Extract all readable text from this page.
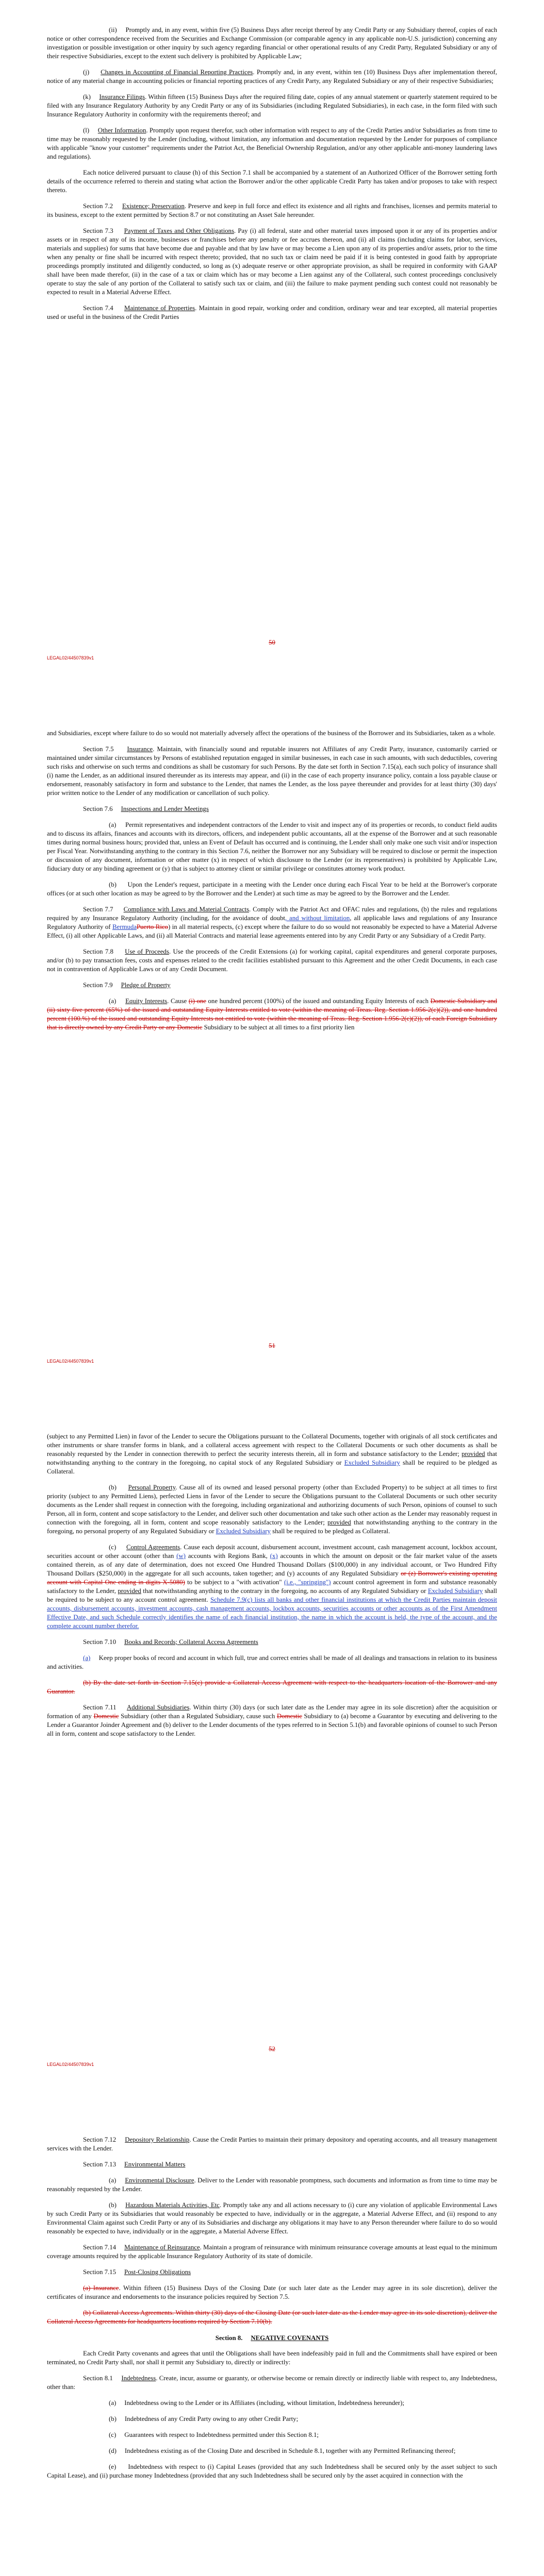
(ii)     Promptly and, in any event, within five (5) Business Days after receipt thereof by any Credit Party or any Subsidiary thereof, copies of each notice or other correspondence received from the Securities and Exchange Commission (or comparable agency in any applicable non-U.S. jurisdiction) concerning any investigation or possible investigation or other inquiry by such agency regarding financial or other operational results of any Credit Party, Regulated Subsidiary or any of their respective Subsidiaries, except to the extent such delivery is prohibited by Applicable Law;

(j) Changes in Accounting of Financial Reporting Practices. Promptly and, in any event, within ten (10) Business Days after implementation thereof, notice of any material change in accounting policies or financial reporting practices of any Credit Party, any Regulated Subsidiary or any of their respective Subsidiaries;

(k) Insurance Filings. Within fifteen (15) Business Days after the required filing date, copies of any annual statement or quarterly statement required to be filed with any Insurance Regulatory Authority by any Credit Party or any of its Subsidiaries (including Regulated Subsidiaries), in each case, in the form filed with such Insurance Regulatory Authority in conformity with the requirements thereof; and

(l) Other Information. Promptly upon request therefor, such other information with respect to any of the Credit Parties and/or Subsidiaries as from time to time may be reasonably requested by the Lender (including, without limitation, any information and documentation requested by the Lender for purposes of compliance with applicable "know your customer" requirements under the Patriot Act, the Beneficial Ownership Regulation, and/or any other applicable anti-money laundering laws and regulations).

Each notice delivered pursuant to clause (h) of this Section 7.1 shall be accompanied by a statement of an Authorized Officer of the Borrower setting forth details of the occurrence referred to therein and stating what action the Borrower and/or the other applicable Credit Party has taken and/or proposes to take with respect thereto.

Section 7.2 Existence; Preservation. Preserve and keep in full force and effect its existence and all rights and franchises, licenses and permits material to its business, except to the extent permitted by Section 8.7 or not constituting an Asset Sale hereunder.

Section 7.3 Payment of Taxes and Other Obligations. Pay (i) all federal, state and other material taxes imposed upon it or any of its properties and/or assets or in respect of any of its income, businesses or franchises before any penalty or fee accrues thereon, and (ii) all claims (including claims for labor, services, materials and supplies) for sums that have become due and payable and that by law have or may become a Lien upon any of its properties and/or assets, prior to the time when any penalty or fine shall be incurred with respect thereto; provided, that no such tax or claim need be paid if it is being contested in good faith by appropriate proceedings promptly instituted and diligently conducted, so long as (x) adequate reserve or other appropriate provision, as shall be required in conformity with GAAP shall have been made therefor, (ii) in the case of a tax or claim which has or may become a Lien against any of the Collateral, such contest proceedings conclusively operate to stay the sale of any portion of the Collateral to satisfy such tax or claim, and (iii) the failure to make payment pending such contest could not reasonably be expected to result in a Material Adverse Effect.

Section 7.4 Maintenance of Properties. Maintain in good repair, working order and condition, ordinary wear and tear excepted, all material properties used or useful in the business of the Credit Parties

50
LEGAL02/44507839v1

and Subsidiaries, except where failure to do so would not materially adversely affect the operations of the business of the Borrower and its Subsidiaries, taken as a whole.

Section 7.5 Insurance. Maintain, with financially sound and reputable insurers not Affiliates of any Credit Party, insurance, customarily carried or maintained under similar circumstances by Persons of established reputation engaged in similar businesses, in each case in such amounts, with such deductibles, covering such risks and otherwise on such terms and conditions as shall be customary for such Persons. By the date set forth in Section 7.15(a), each such policy of insurance shall (i) name the Lender, as an additional insured thereunder as its interests may appear, and (ii) in the case of each property insurance policy, contain a loss payable clause or endorsement, reasonably satisfactory in form and substance to the Lender, that names the Lender, as the loss payee thereunder and provides for at least thirty (30) days' prior written notice to the Lender of any modification or cancellation of such policy.

Section 7.6 Inspections and Lender Meetings

(a)     Permit representatives and independent contractors of the Lender to visit and inspect any of its properties or records, to conduct field audits and to discuss its affairs, finances and accounts with its directors, officers, and independent public accountants, all at the expense of the Borrower and at such reasonable times during normal business hours; provided that, unless an Event of Default has occurred and is continuing, the Lender shall only make one such visit and/or inspection per Fiscal Year. Notwithstanding anything to the contrary in this Section 7.6, neither the Borrower nor any Subsidiary will be required to disclose or permit the inspection or discussion of any document, information or other matter (x) in respect of which disclosure to the Lender (or its representatives) is prohibited by Applicable Law, fiduciary duty or any binding agreement or (y) that is subject to attorney client or similar privilege or constitutes attorney work product.

(b)     Upon the Lender's request, participate in a meeting with the Lender once during each Fiscal Year to be held at the Borrower's corporate offices (or at such other location as may be agreed to by the Borrower and the Lender) at such time as may be agreed to by the Borrower and the Lender.

Section 7.7 Compliance with Laws and Material Contracts. Comply with the Patriot Act and OFAC rules and regulations, (b) the rules and regulations required by any Insurance Regulatory Authority (including, for the avoidance of doubt, and without limitation, all applicable laws and regulations of any Insurance Regulatory Authority of BermudaPuerto Rico) in all material respects, (c) except where the failure to do so would not reasonably be expected to have a Material Adverse Effect, (i) all other Applicable Laws, and (ii) all Material Contracts and material lease agreements entered into by any Credit Party or any Subsidiary of a Credit Party.

Section 7.8 Use of Proceeds. Use the proceeds of the Credit Extensions (a) for working capital, capital expenditures and general corporate purposes, and/or (b) to pay transaction fees, costs and expenses related to the credit facilities established pursuant to this Agreement and the other Credit Documents, in each case not in contravention of Applicable Laws or of any Credit Document.

Section 7.9 Pledge of Property

(a) Equity Interests. Cause (i) one one hundred percent (100%) of the issued and outstanding Equity Interests of each Domestic Subsidiary and (ii) sixty five percent (65%) of the issued and outstanding Equity Interests entitled to vote (within the meaning of Treas. Reg. Section 1.956-2(c)(2)), and one hundred percent (100.%) of the issued and outstanding Equity Interests not entitled to vote (within the meaning of Treas. Reg. Section 1.956-2(c)(2)), of each Foreign Subsidiary that is directly owned by any Credit Party or any Domestic Subsidiary to be subject at all times to a first priority lien

51
LEGAL02/44507839v1

(subject to any Permitted Lien) in favor of the Lender to secure the Obligations pursuant to the Collateral Documents, together with originals of all stock certificates and other instruments or share transfer forms in blank, and a collateral access agreement with respect to the Collateral Documents or such other documents as shall be reasonably requested by the Lender in connection therewith to perfect the security interests therein, all in form and substance satisfactory to the Lender; provided that notwithstanding anything to the contrary in the foregoing, no capital stock of any Regulated Subsidiary or Excluded Subsidiary shall be required to be pledged as Collateral.

(b) Personal Property. Cause all of its owned and leased personal property (other than Excluded Property) to be subject at all times to first priority (subject to any Permitted Liens), perfected Liens in favor of the Lender to secure the Obligations pursuant to the Collateral Documents or such other security documents as the Lender shall request in connection with the foregoing, including organizational and authorizing documents of such Person, opinions of counsel to such Person, all in form, content and scope satisfactory to the Lender, and deliver such other documentation and take such other action as the Lender may reasonably request in connection with the foregoing, all in form, content and scope reasonably satisfactory to the Lender; provided that notwithstanding anything to the contrary in the foregoing, no personal property of any Regulated Subsidiary or Excluded Subsidiary shall be required to be pledged as Collateral.

(c) Control Agreements. Cause each deposit account, disbursement account, investment account, cash management account, lockbox account, securities account or other account (other than (w) accounts with Regions Bank, (x) accounts in which the amount on deposit or the fair market value of the assets contained therein, as of any date of determination, does not exceed One Hundred Thousand Dollars ($100,000) in any individual account, or Two Hundred Fifty Thousand Dollars ($250,000) in the aggregate for all such accounts, taken together; and (y) accounts of any Regulated Subsidiary or (z) Borrower's existing operating account with Capital One ending in digits X-5080) to be subject to a "with activation" (i.e., "springing") account control agreement in form and substance reasonably satisfactory to the Lender, provided that notwithstanding anything to the contrary in the foregoing, no accounts of any Regulated Subsidiary or Excluded Subsidiary shall be required to be subject to any account control agreement. Schedule 7.9(c) lists all banks and other financial institutions at which the Credit Parties maintain deposit accounts, disbursement accounts, investment accounts, cash management accounts, lockbox accounts, securities accounts or other accounts as of the First Amendment Effective Date, and such Schedule correctly identifies the name of each financial institution, the name in which the account is held, the type of the account, and the complete account number therefor.

Section 7.10 Books and Records; Collateral Access Agreements

(a) Keep proper books of record and account in which full, true and correct entries shall be made of all dealings and transactions in relation to its business and activities.

(b) By the date set forth in Section 7.15(c) provide a Collateral Access Agreement with respect to the headquarters location of the Borrower and any Guarantor.

Section 7.11 Additional Subsidiaries. Within thirty (30) days (or such later date as the Lender may agree in its sole discretion) after the acquisition or formation of any Domestic Subsidiary (other than a Regulated Subsidiary, cause such Domestic Subsidiary to (a) become a Guarantor by executing and delivering to the Lender a Guarantor Joinder Agreement and (b) deliver to the Lender documents of the types referred to in Section 5.1(b) and favorable opinions of counsel to such Person all in form, content and scope satisfactory to the Lender.

52
LEGAL02/44507839v1

Section 7.12 Depository Relationship. Cause the Credit Parties to maintain their primary depository and operating accounts, and all treasury management services with the Lender.

Section 7.13 Environmental Matters

(a) Environmental Disclosure. Deliver to the Lender with reasonable promptness, such documents and information as from time to time may be reasonably requested by the Lender.

(b) Hazardous Materials Activities, Etc. Promptly take any and all actions necessary to (i) cure any violation of applicable Environmental Laws by such Credit Party or its Subsidiaries that would reasonably be expected to have, individually or in the aggregate, a Material Adverse Effect, and (ii) respond to any Environmental Claim against such Credit Party or any of its Subsidiaries and discharge any obligations it may have to any Person thereunder where failure to do so would reasonably be expected to have, individually or in the aggregate, a Material Adverse Effect.

Section 7.14 Maintenance of Reinsurance. Maintain a program of reinsurance with minimum reinsurance coverage amounts at least equal to the minimum coverage amounts required by the applicable Insurance Regulatory Authority of its state of domicile.

Section 7.15 Post-Closing Obligations

(a) Insurance. Within fifteen (15) Business Days of the Closing Date (or such later date as the Lender may agree in its sole discretion), deliver the certificates of insurance and endorsements to the insurance policies required by Section 7.5.

(b) Collateral Access Agreements. Within thirty (30) days of the Closing Date (or such later date as the Lender may agree in its sole discretion), deliver the Collateral Access Agreements for headquarters locations required by Section 7.10(b).

Section 8. NEGATIVE COVENANTS

Each Credit Party covenants and agrees that until the Obligations shall have been indefeasibly paid in full and the Commitments shall have expired or been terminated, no Credit Party shall, nor shall it permit any Subsidiary to, directly or indirectly:

Section 8.1 Indebtedness. Create, incur, assume or guaranty, or otherwise become or remain directly or indirectly liable with respect to, any Indebtedness, other than:

(a)     Indebtedness owing to the Lender or its Affiliates (including, without limitation, Indebtedness hereunder);

(b)     Indebtedness of any Credit Party owing to any other Credit Party;

(c)     Guarantees with respect to Indebtedness permitted under this Section 8.1;

(d)     Indebtedness existing as of the Closing Date and described in Schedule 8.1, together with any Permitted Refinancing thereof;

(e)     Indebtedness with respect to (i) Capital Leases (provided that any such Indebtedness shall be secured only by the asset subject to such Capital Lease), and (ii) purchase money Indebtedness (provided that any such Indebtedness shall be secured only by the asset acquired in connection with the
